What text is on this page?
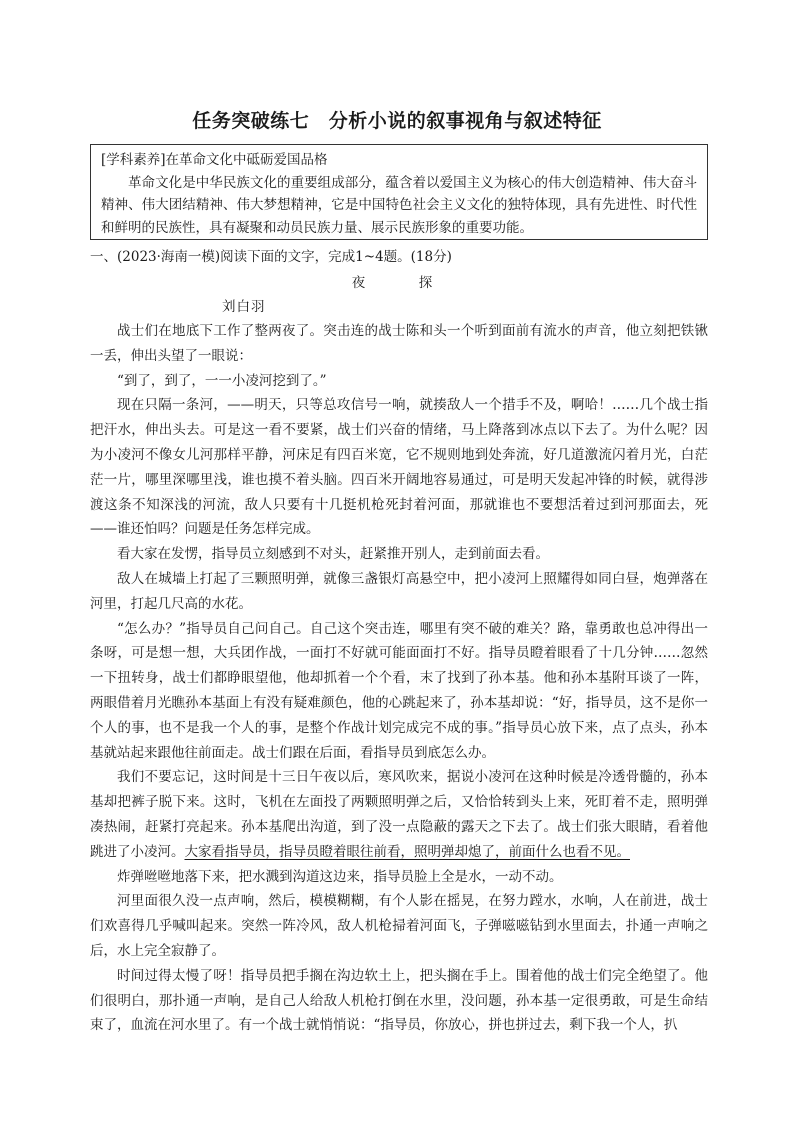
任务突破练七　分析小说的叙事视角与叙述特征

[学科素养]在革命文化中砥砺爱国品格

革命文化是中华民族文化的重要组成部分，蕴含着以爱国主义为核心的伟大创造精神、伟大奋斗精神、伟大团结精神、伟大梦想精神，它是中国特色社会主义文化的独特体现，具有先进性、时代性和鲜明的民族性，具有凝聚和动员民族力量、展示民族形象的重要功能。

一、(2023·海南一模)阅读下面的文字，完成1~4题。(18分)
夜　探
刘白羽

战士们在地底下工作了整两夜了。突击连的战士陈和头一个听到面前有流水的声音，他立刻把铁锹一丢，伸出头望了一眼说：

“到了，到了，一一小凌河挖到了。”

现在只隔一条河，——明天，只等总攻信号一响，就揍敌人一个措手不及，啊哈！……几个战士指把汗水，伸出头去。可是这一看不要紧，战士们兴奋的情绪，马上降落到冰点以下去了。为什么呢？因为小凌河不像女儿河那样平静，河床足有四百米宽，它不规则地到处奔流，好几道激流闪着月光，白茫茫一片，哪里深哪里浅，谁也摸不着头脑。四百米开阔地容易通过，可是明天发起冲锋的时候，就得涉渡这条不知深浅的河流，敌人只要有十几挺机枪死封着河面，那就谁也不要想活着过到河那面去，死——谁还怕吗？问题是任务怎样完成。

看大家在发愣，指导员立刻感到不对头，赶紧推开别人，走到前面去看。

敌人在城墙上打起了三颗照明弹，就像三盏银灯高悬空中，把小凌河上照耀得如同白昼，炮弹落在河里，打起几尺高的水花。

“怎么办？”指导员自己问自己。自己这个突击连，哪里有突不破的难关？路，靠勇敢也总冲得出一条呀，可是想一想，大兵团作战，一面打不好就可能面面打不好。指导员瞪着眼看了十几分钟……忽然一下扭转身，战士们都睁眼望他，他却抓着一个个看，末了找到了孙本基。他和孙本基附耳谈了一阵，两眼借着月光瞧孙本基面上有没有疑难颜色，他的心跳起来了，孙本基却说：“好，指导员，这不是你一个人的事，也不是我一个人的事，是整个作战计划完成完不成的事。”指导员心放下来，点了点头，孙本基就站起来跟他往前面走。战士们跟在后面，看指导员到底怎么办。

我们不要忘记，这时间是十三日午夜以后，寒风吹来，据说小凌河在这种时候是冷透骨髓的，孙本基却把裤子脱下来。这时，飞机在左面投了两颗照明弹之后，又恰恰转到头上来，死盯着不走，照明弹凑热闹，赶紧打亮起来。孙本基爬出沟道，到了没一点隐蔽的露天之下去了。战士们张大眼睛，看着他跳进了小凌河。大家看指导员，指导员瞪着眼往前看，照明弹却熄了，前面什么也看不见。

炸弹咝咝地落下来，把水溅到沟道这边来，指导员脸上全是水，一动不动。

河里面很久没一点声响，然后，模模糊糊，有个人影在摇晃，在努力蹚水，水响，人在前进，战士们欢喜得几乎喊叫起来。突然一阵冷风，敌人机枪掃着河面飞，子弹嗞嗞钻到水里面去，扑通一声响之后，水上完全寂静了。

时间过得太慢了呀！指导员把手搁在沟边软土上，把头搁在手上。围着他的战士们完全绝望了。他们很明白，那扑通一声响，是自己人给敌人机枪打倒在水里，没问题，孙本基一定很勇敢，可是生命结束了，血流在河水里了。有一个战士就悄悄说：“指导员，你放心，拼也拼过去，剩下我一个人，扒
